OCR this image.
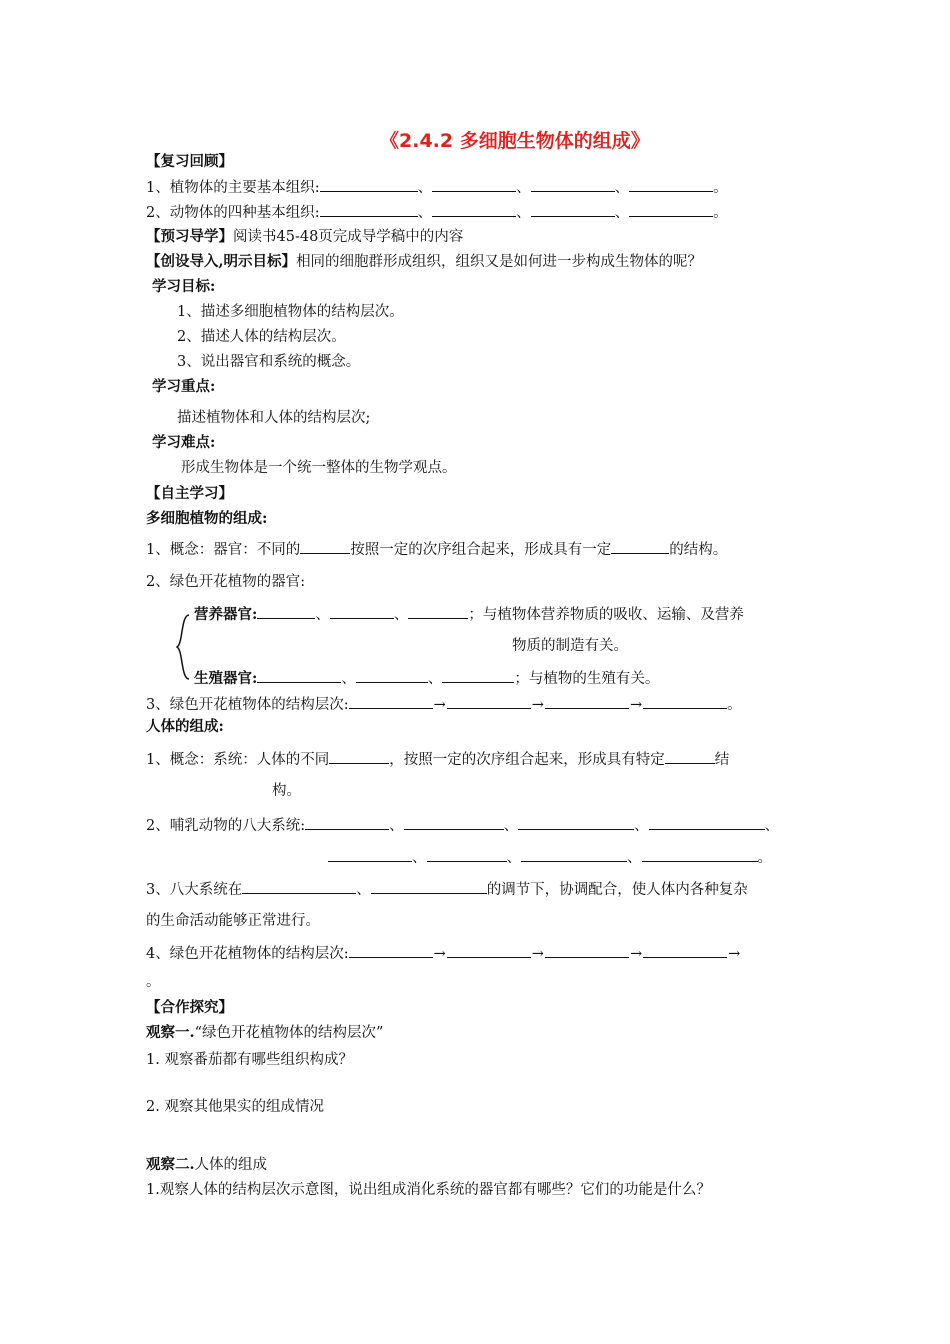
《2.4.2 多细胞生物体的组成》
【复习回顾】
1、植物体的主要基本组织:	、	、	、	。
2、动物体的四种基本组织:	、	、	、	。
【预习导学】阅读书45-48页完成导学稿中的内容
【创设导入,明示目标】相同的细胞群形成组织，组织又是如何进一步构成生物体的呢？
学习目标:
1、描述多细胞植物体的结构层次。
2、描述人体的结构层次。
3、说出器官和系统的概念。
学习重点:
描述植物体和人体的结构层次;
学习难点:
形成生物体是一个统一整体的生物学观点。
【自主学习】
多细胞植物的组成:
1、概念：器官：不同的	按照一定的次序组合起来，形成具有一定	的结构。
2、绿色开花植物的器官:
营养器官:	、	、	；与植物体营养物质的吸收、运输、及营养
物质的制造有关。
生殖器官:	、	、	；与植物的生殖有关。
3、绿色开花植物体的结构层次:	→	→	→	。
人体的组成:
1、概念：系统：人体的不同	，按照一定的次序组合起来，形成具有特定	结
构。
2、哺乳动物的八大系统:	、	、	、	、
、	、	、	。
3、八大系统在	、	的调节下，协调配合，使人体内各种复杂
的生命活动能够正常进行。
4、绿色开花植物体的结构层次:	→	→	→	→
。
【合作探究】
观察一.“绿色开花植物体的结构层次”
1. 观察番茄都有哪些组织构成？
2. 观察其他果实的组成情况
观察二.人体的组成
1.观察人体的结构层次示意图，说出组成消化系统的器官都有哪些？它们的功能是什么？
